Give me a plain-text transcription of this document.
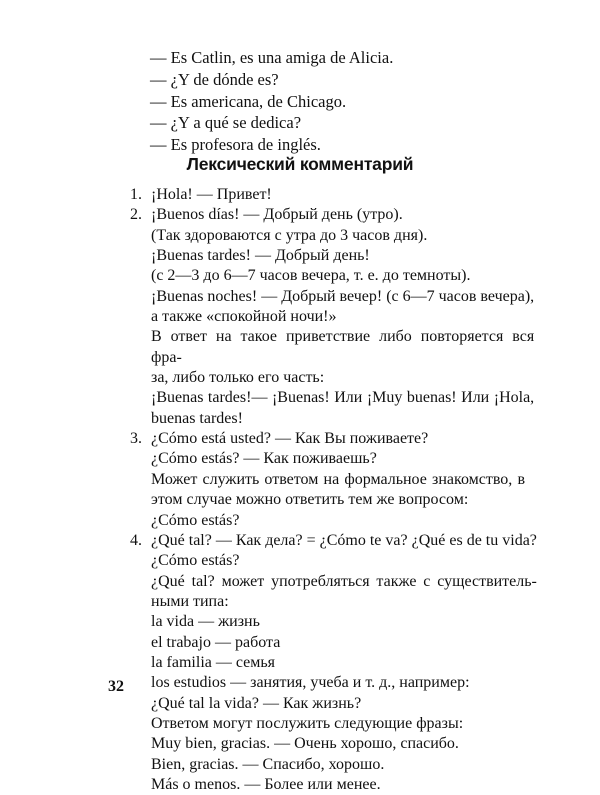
— Es Catlin, es una amiga de Alicia.
— ¿Y de dónde es?
— Es americana, de Chicago.
— ¿Y a qué se dedica?
— Es profesora de inglés.
Лексический комментарий
1. ¡Hola! — Привет!
2. ¡Buenos días! — Добрый день (утро).
(Так здороваются с утра до 3 часов дня).
¡Buenas tardes! — Добрый день!
(с 2—3 до 6—7 часов вечера, т. е. до темноты).
¡Buenas noches! — Добрый вечер! (с 6—7 часов вечера),
а также «спокойной ночи!»
В ответ на такое приветствие либо повторяется вся фра-
за, либо только его часть:
¡Buenas tardes!— ¡Buenas! Или ¡Muy buenas! Или ¡Hola,
buenas tardes!
3. ¿Cómo está usted? — Как Вы поживаете?
¿Cómo estás? — Как поживаешь?
Может служить ответом на формальное знакомство, в
этом случае можно ответить тем же вопросом:
¿Cómo estás?
4. ¿Qué tal? — Как дела? = ¿Cómo te va? ¿Qué es de tu vida?
¿Cómo estás?
¿Qué tal? может употребляться также с существитель-
ными типа:
la vida — жизнь
el trabajo — работа
la familia — семья
los estudios — занятия, учеба и т. д., например:
¿Qué tal la vida? — Как жизнь?
Ответом могут послужить следующие фразы:
Muy bien, gracias. — Очень хорошо, спасибо.
Bien, gracias. — Спасибо, хорошо.
Más o menos. — Более или менее.
32
